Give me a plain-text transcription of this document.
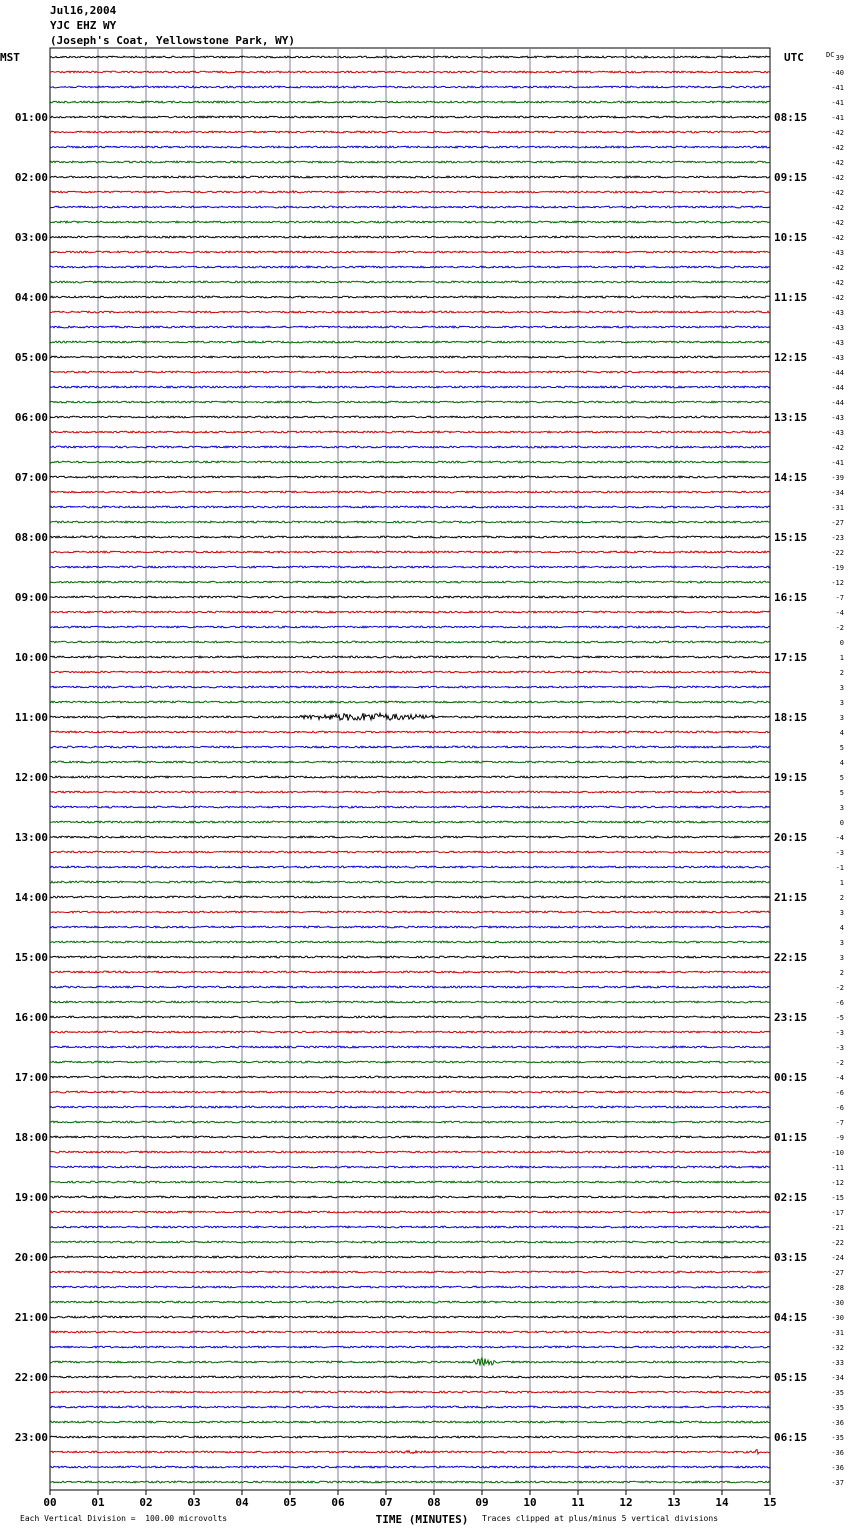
Jul16,2004
YJC EHZ WY
(Joseph's Coat, Yellowstone Park, WY)
Each Vertical Division =  100.00 microvolts	Traces clipped at plus/minus 5 vertical divisions
39
-40
-41
-41
-41
-42
-42
-42
-42
-42
-42
-42
-42
-43
-42
-42
-42
-43
-43
-43
-43
-44
-44
-44
-43
-43
-42
-41
-39
-34
-31
-27
-23
-22
-19
-12
-7
-4
-2
0
1
2
3
3
3
4
5
4
5
5
3
0
-4
-3
-1
1
2
3
4
3
3
2
-2
-6
-5
-3
-3
-2
-4
-6
-6
-7
-9
-10
-11
-12
-15
-17
-21
-22
-24
-27
-28
-30
-30
-31
-32
-33
-34
-35
-35
-36
-35
-36
-36
-37
MST	UTC	DC
01:00
02:00
03:00
04:00
05:00
06:00
07:00
08:00
09:00
10:00
11:00
12:00
13:00
14:00
15:00
16:00
17:00
18:00
19:00
20:00
21:00
22:00
23:00
08:15
09:15
10:15
11:15
12:15
13:15
14:15
15:15
16:15
17:15
18:15
19:15
20:15
21:15
22:15
23:15
00:15
01:15
02:15
03:15
04:15
05:15
06:15
00	01	02	03	04	05	06	07	08	09	10	11	12	13	14	15
TIME (MINUTES)
